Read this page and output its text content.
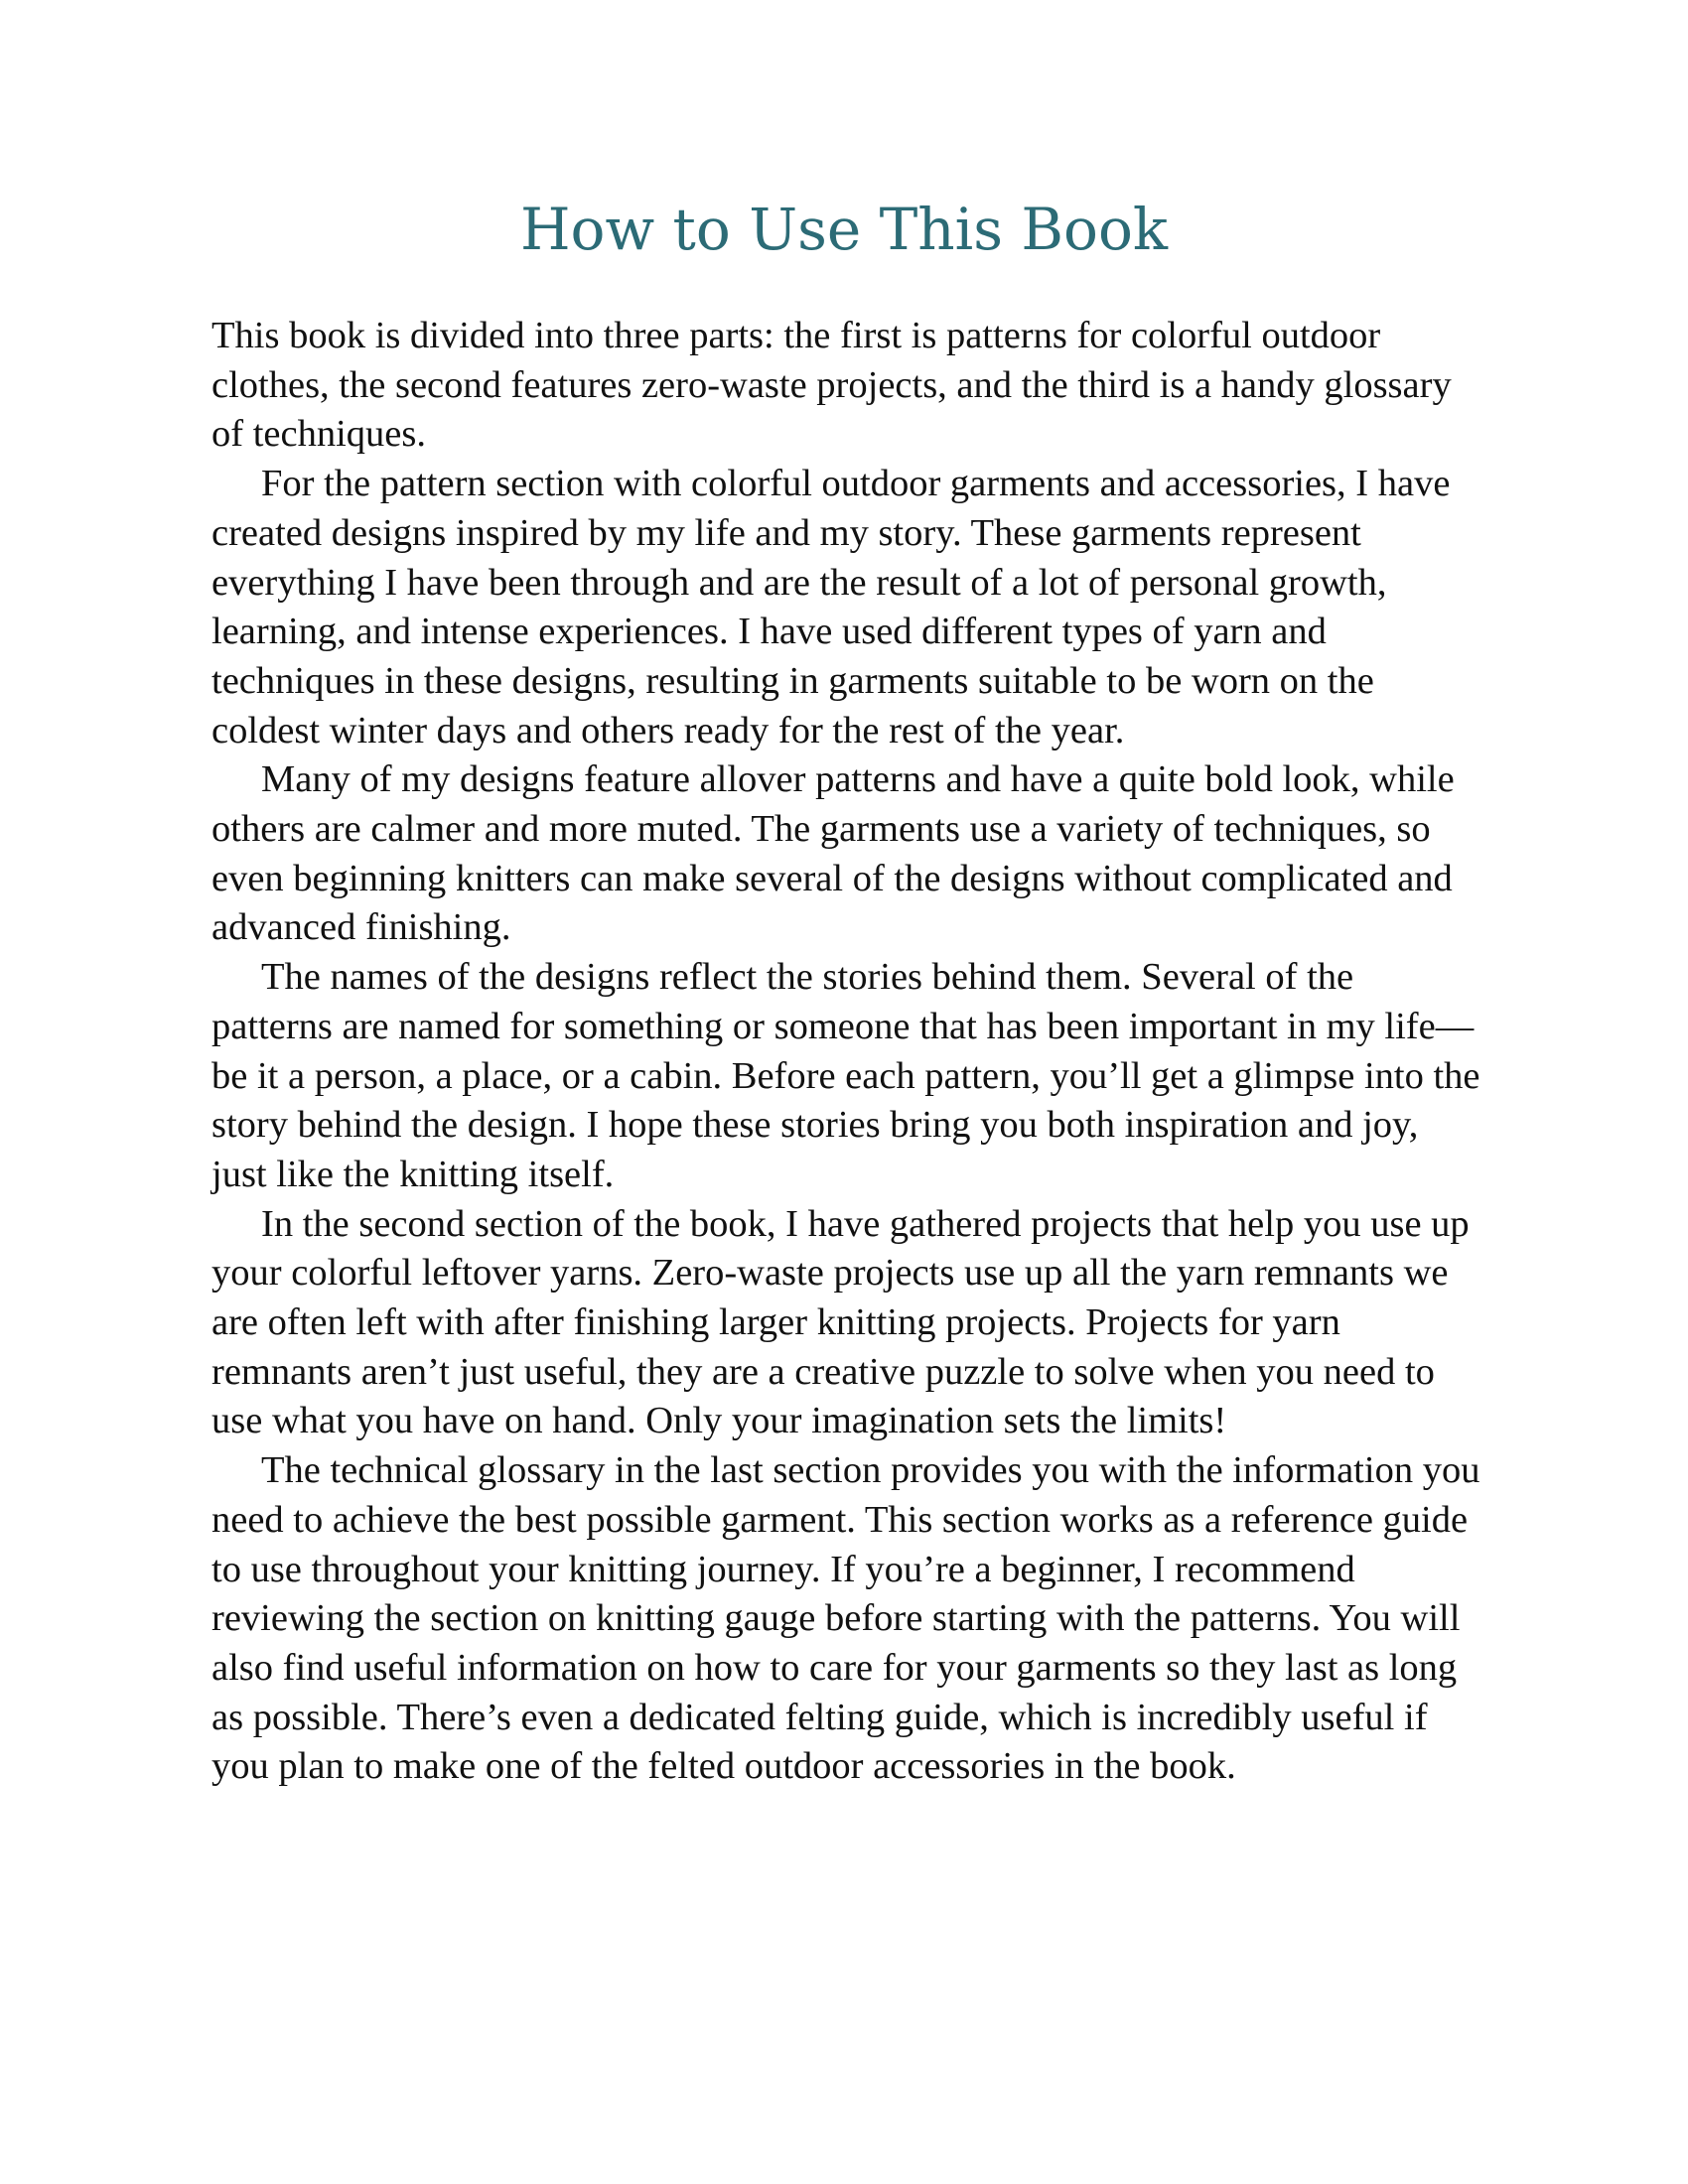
How to Use This Book

This book is divided into three parts: the first is patterns for colorful outdoor clothes, the second features zero-waste projects, and the third is a handy glossary of techniques.

For the pattern section with colorful outdoor garments and accessories, I have created designs inspired by my life and my story. These garments represent everything I have been through and are the result of a lot of personal growth, learning, and intense experiences. I have used different types of yarn and techniques in these designs, resulting in garments suitable to be worn on the coldest winter days and others ready for the rest of the year.

Many of my designs feature allover patterns and have a quite bold look, while others are calmer and more muted. The garments use a variety of techniques, so even beginning knitters can make several of the designs without complicated and advanced finishing.

The names of the designs reflect the stories behind them. Several of the patterns are named for something or someone that has been important in my life—be it a person, a place, or a cabin. Before each pattern, you’ll get a glimpse into the story behind the design. I hope these stories bring you both inspiration and joy, just like the knitting itself.

In the second section of the book, I have gathered projects that help you use up your colorful leftover yarns. Zero-waste projects use up all the yarn remnants we are often left with after finishing larger knitting projects. Projects for yarn remnants aren’t just useful, they are a creative puzzle to solve when you need to use what you have on hand. Only your imagination sets the limits!

The technical glossary in the last section provides you with the information you need to achieve the best possible garment. This section works as a reference guide to use throughout your knitting journey. If you’re a beginner, I recommend reviewing the section on knitting gauge before starting with the patterns. You will also find useful information on how to care for your garments so they last as long as possible. There’s even a dedicated felting guide, which is incredibly useful if you plan to make one of the felted outdoor accessories in the book.
